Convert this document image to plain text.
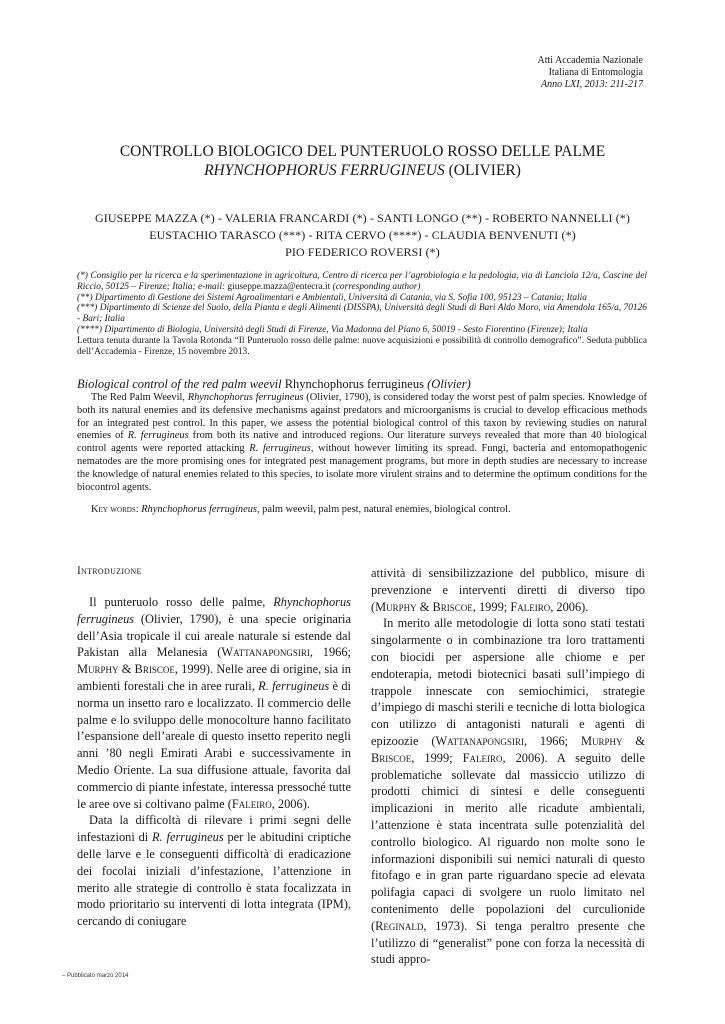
Atti Accademia Nazionale
Italiana di Entomologia
Anno LXI, 2013: 211-217
CONTROLLO BIOLOGICO DEL PUNTERUOLO ROSSO DELLE PALME
RHYNCHOPHORUS FERRUGINEUS (OLIVIER)
GIUSEPPE MAZZA (*) - VALERIA FRANCARDI (*) - SANTI LONGO (**) - ROBERTO NANNELLI (*)
EUSTACHIO TARASCO (***) - RITA CERVO (****) - CLAUDIA BENVENUTI (*)
PIO FEDERICO ROVERSI (*)
(*) Consiglio per la ricerca e la sperimentazione in agricoltura, Centro di ricerca per l’agrobiologia e la pedologia, via di Lanciola 12/a, Cascine del Riccio, 50125 – Firenze; Italia; e-mail: giuseppe.mazza@entecra.it (corresponding author)
(**) Dipartimento di Gestione dei Sistemi Agroalimentari e Ambientali, Università di Catania, via S. Sofia 100, 95123 – Catania; Italia
(***) Dipartimento di Scienze del Suolo, della Pianta e degli Alimenti (DISSPA), Università degli Studi di Bari Aldo Moro, via Amendola 165/a, 70126 - Bari; Italia
(****) Dipartimento di Biologia, Università degli Studi di Firenze, Via Madonna del Piano 6, 50019 - Sesto Fiorentino (Firenze); Italia
Lettura tenuta durante la Tavola Rotonda “Il Punteruolo rosso delle palme: nuove acquisizioni e possibilità di controllo demografico”. Seduta pubblica dell’Accademia - Firenze, 15 novembre 2013.
Biological control of the red palm weevil Rhynchophorus ferrugineus (Olivier)
The Red Palm Weevil, Rhynchophorus ferrugineus (Olivier, 1790), is considered today the worst pest of palm species. Knowledge of both its natural enemies and its defensive mechanisms against predators and microorganisms is crucial to develop efficacious methods for an integrated pest control. In this paper, we assess the potential biological control of this taxon by reviewing studies on natural enemies of R. ferrugineus from both its native and introduced regions. Our literature surveys revealed that more than 40 biological control agents were reported attacking R. ferrugineus, without however limiting its spread. Fungi, bacteria and entomopathogenic nematodes are the more promising ones for integrated pest management programs, but more in depth studies are necessary to increase the knowledge of natural enemies related to this species, to isolate more virulent strains and to determine the optimum conditions for the biocontrol agents.
Key words: Rhynchophorus ferrugineus, palm weevil, palm pest, natural enemies, biological control.
Introduzione

Il punteruolo rosso delle palme, Rhynchophorus ferrugineus (Olivier, 1790), è una specie originaria dell’Asia tropicale il cui areale naturale si estende dal Pakistan alla Melanesia (Wattanapongsiri, 1966; Murphy & Briscoe, 1999). Nelle aree di origine, sia in ambienti forestali che in aree rurali, R. ferrugineus è di norma un insetto raro e localizzato. Il commercio delle palme e lo sviluppo delle monocolture hanno facilitato l’espansione dell’areale di questo insetto reperito negli anni ’80 negli Emirati Arabi e successivamente in Medio Oriente. La sua diffusione attuale, favorita dal commercio di piante infestate, interessa pressoché tutte le aree ove si coltivano palme (Faleiro, 2006).

Data la difficoltà di rilevare i primi segni delle infestazioni di R. ferrugineus per le abitudini criptiche delle larve e le conseguenti difficoltà di eradicazione dei focolai iniziali d’infestazione, l’attenzione in merito alle strategie di controllo è stata focalizzata in modo prioritario su interventi di lotta integrata (IPM), cercando di coniugare

attività di sensibilizzazione del pubblico, misure di prevenzione e interventi diretti di diverso tipo (Murphy & Briscoe, 1999; Faleiro, 2006).

In merito alle metodologie di lotta sono stati testati singolarmente o in combinazione tra loro trattamenti con biocidi per aspersione alle chiome e per endoterapia, metodi biotecnici basati sull’impiego di trappole innescate con semiochimici, strategie d’impiego di maschi sterili e tecniche di lotta biologica con utilizzo di antagonisti naturali e agenti di epizoozie (Wattanapongsiri, 1966; Murphy & Briscoe, 1999; Faleiro, 2006). A seguito delle problematiche sollevate dal massiccio utilizzo di prodotti chimici di sintesi e delle conseguenti implicazioni in merito alle ricadute ambientali, l’attenzione è stata incentrata sulle potenzialità del controllo biologico. Al riguardo non molte sono le informazioni disponibili sui nemici naturali di questo fitofago e in gran parte riguardano specie ad elevata polifagia capaci di svolgere un ruolo limitato nel contenimento delle popolazioni del curculionide (Reginald, 1973). Si tenga peraltro presente che l’utilizzo di “generalist” pone con forza la necessità di studi appro-

– Pubblicato marzo 2014
